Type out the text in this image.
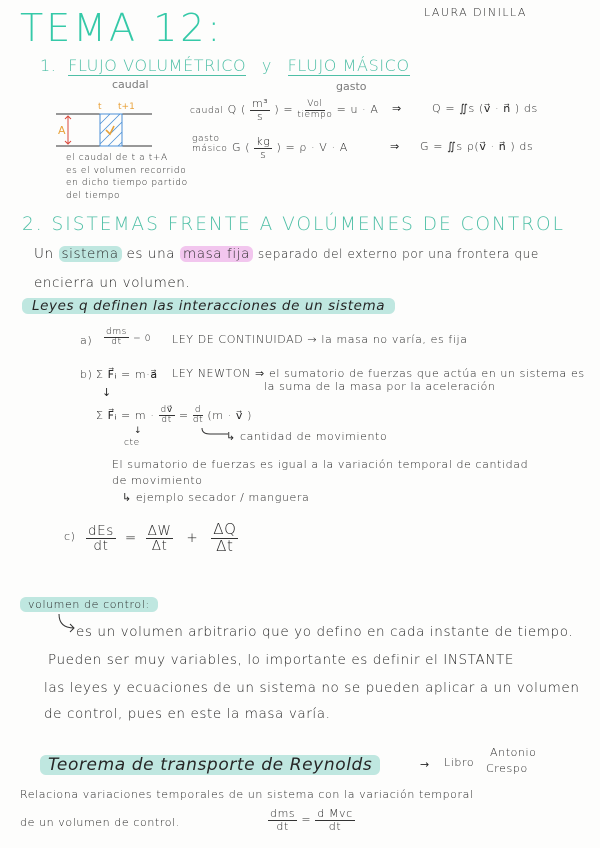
TEMA 12:	LAURA DINILLA
1. FLUJO VOLUMÉTRICO y FLUJO MÁSICO
caudal	gasto
t t+1
A
el caudal de t a t+A
es el volumen recorrido
en dicho tiempo partido
del tiempo
caudal Q ( $\frac{\text{m³}}{s}$ ) = $\frac{\text{Vol}}{\text{tiempo}} = u \cdot A$ ⇒	Q = ∬s (v⃗ · n⃗ ) ds
gasto
másico G ( $\frac{kg}{s}$ ) = ρ · V · A	⇒ G = ∬s ρ(v⃗ · n⃗ ) ds
2. SISTEMAS FRENTE A VOLÚMENES DE CONTROL
Un sistema es una masa fija separado del externo por una frontera que
encierra un volumen.
Leyes q definen las interacciones de un sistema
$a) \frac{\text{dms}}{dt} = 0$ LEY DE CONTINUIDAD → la masa no varía, es fija
b) Σ F⃗ᵢ = m·a⃗ LEY NEWTON ⇒ el sumatorio de fuerzas que actúa en un sistema es
la suma de la masa por la aceleración
↓
Σ F⃗ᵢ = $m \cdot \frac{dv⃗}{dt} = \frac{d}{dt} (m$ · v⃗ )
↓
cte	↳ cantidad de movimiento
El sumatorio de fuerzas es igual a la variación temporal de cantidad
de movimiento
↳ ejemplo secador / manguera
$c) \frac{\text{dEs}}{dt} = \frac{\Delta W}{\Delta t} + \frac{\Delta Q}{\Delta t}$
volumen de control:
es un volumen arbitrario que yo defino en cada instante de tiempo.
Pueden ser muy variables, lo importante es definir el INSTANTE
las leyes y ecuaciones de un sistema no se pueden aplicar a un volumen
de control, pues en este la masa varía.
Teorema de transporte de Reynolds	→ Libro
Antonio
Crespo
Relaciona variaciones temporales de un sistema con la variación temporal
de un volumen de control.	$\frac{\text{dms}}{dt} = \frac{\text{d Mvc}}{dt}$
